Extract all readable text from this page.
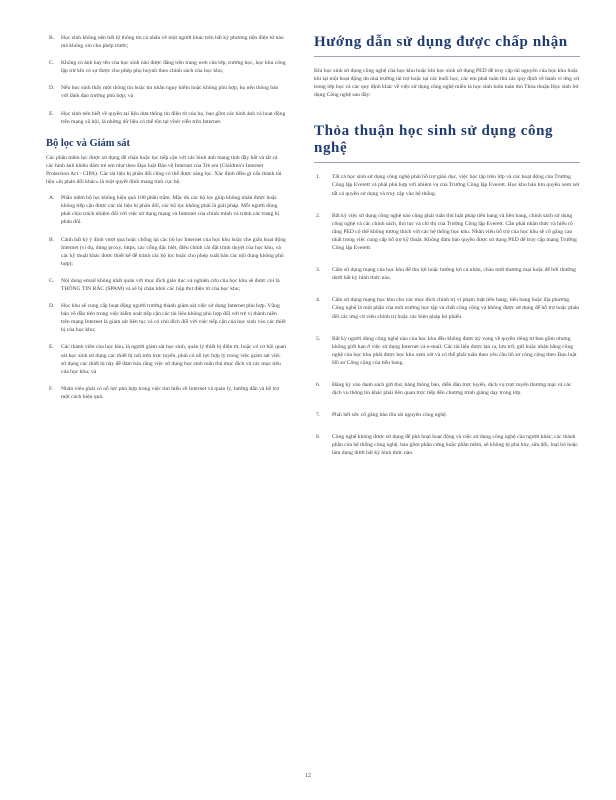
B.	Học sinh không nên tiết lộ thông tin cá nhân về một người khác trên bất kỳ phương tiện điện tử nào mà không xin cho phép trước;
C.	Không có ảnh hay tên của học sinh nào được đăng trên trang web của lớp, trường học, học khu công lập trừ khi có sự được cho phép phụ huynh theo chính sách của học khu;
D.	Nếu học sinh thấy một thông tin hoặc tin nhắn nguy hiểm hoặc không phù hợp, họ nên thông báo với lãnh đạo trường phù hợp; và
E.	Học sinh nên biết về quyền tại liệu dựa thông tin điện tử của họ, bao gồm các hình ảnh và hoạt động trên mạng xã hội, là những dữ liệu có thể tồn tại vĩnh viễn trên Internet.
Bộ lọc và Giám sát

Các phần mềm lọc được sử dụng để chặn hoặc lọc tiếp cận với các hình ảnh mang tính đầy bất và tất cả các hình ảnh khiêu dâm trẻ em như theo Đạo luật Bảo vệ Internet của Trẻ em (Children's Internet Protection Act - CIPA). Các tài liệu bị phân đối cũng có thể được sàng lọc. Xác định điều gì cấu thành tài liệu «bị phản đối khác» là một quyết định mang tính cục bộ.

A.	Phần mềm bộ lọc không hiệu quả 100 phần trăm. Mặc dù các bộ lọc giúp không nhân được hoặc không tiếp cận được các tài liệu bị phản đối, các bộ lọc không phải là giải pháp. Mỗi người dùng phải chịu trách nhiệm đối với việc sử dụng mạng và Internet của chính mình và tránh các trang bị phản đối.
B.	Cảnh bất kỳ ý định vượt qua hoặc chống lại các bộ lọc Internet của học khu hoặc che giấu hoạt động Internet (ví dụ, dùng proxy, https, các cổng đặc biệt, điều chỉnh cài đặt trình duyệt của học khu, và các kỹ thuật khác được thiết kế để tránh các bộ lọc hoặc cho phép xuất bản các nội dung không phù hợp);
C.	Nội dung email không nhất quán với mục đích giáo dục và nghiên cứu của học khu sẽ được coi là THÔNG TIN RÁC (SPAM) và sẽ bị chặn khỏi các hộp thư điện tử của học khu;
D.	Học khu sẽ cung cấp hoạt động người trưởng thành giám sát việc sử dụng Internet phù hợp. Vũng bảo về đầu tiên trong việc kiểm soát tiếp cận các tài liệu không phù hợp đối với trẻ vị thành niên trên mạng Internet là giám sát liên tục và có chủ đích đối với việc tiếp cận của học sinh vào các thiết bị của học khu;
E.	Các thành viên của học khu, là người giám sát học sinh, quản lý thiết bị điện tử, hoặc có cơ hội quan sát học sinh sử dụng các thiết bị nói trên trực tuyến, phải có nỗ lực hợp lý trong việc giám sát việc sử dụng các thiết bị này để đảm bảo rằng việc sử dụng học sinh tuân thủ mục đích và các mục tiêu của học khu; và
F.	Nhân viên phải có nỗ lực phù hợp trong việc tìm hiểu về Internet và quản lý, hướng dẫn và hỗ trợ một cách hiệu quả.
Hướng dẫn sử dụng được chấp nhận

Khi học sinh sử dụng công nghệ của học khu hoặc khi học sinh sử dụng PED để truy cập tài nguyên của học khu hoặc khi tại một hoạt động do nhà trường tài trợ hoặc tại các buổi học, các em phải tuân thủ các quy định về hành vi ứng xử trong lớp học và các quy định khác về việc sử dụng công nghệ miền là học sinh luôn tuân thủ Thỏa thuận Học sinh Sử dụng Công nghệ sau đây:

Thỏa thuận học sinh sử dụng công nghệ
1.	Tất cả học sinh sử dụng công nghệ phải hỗ trợ giáo dục, việc học tập trên lớp và các hoạt động của Trường Công lập Everett và phải phù hợp với nhiệm vụ của Trường Công lập Everett. Học khu bảo lưu quyền xem xét tất cả quyền sử dụng và truy cập vào hệ thống.
2.	Bất kỳ việc sử dụng công nghệ nào cũng phải tuân thủ luật pháp tiểu bang và liên bang, chính sách sử dụng công nghệ và các chính sách, thủ tục và chỉ thị của Trường Công lập Everett. Cần phải nhận thức và hiểu rõ rằng PED có thể không tương thích với các hệ thống học khu. Nhân viên hỗ trợ của học khu sẽ cố gắng cao nhất trong việc cung cấp hỗ trợ kỹ thuật. Không đảm bảo quyền được sử dụng PED để truy cập mạng Trường Công lập Everett.
3.	Cấm sử dụng mạng của học khu để thu lợi hoặc hưởng lợi cá nhân, chào mời thương mại hoặc để bởi thường dưới bất kỳ hình thức nào.
4.	Cấm sử dụng mạng học khu cho các mục đích chính trị vi phạm luật liên bang, tiểu bang hoặc địa phương. Công nghệ là một phần của môi trường học tập và chất công cộng và không được sử dụng để hỗ trợ hoặc phản đối các ứng cử viên chính trị hoặc các biện pháp bỏ phiếu.
5.	Bất kỳ người dùng công nghệ nào của học khu đều không được kỳ vọng về quyền riêng tư bao gồm nhưng không giới hạn ở việc sử dụng Internet và e-mail. Các tài liệu được tạo ra, lưu trữ, gửi hoặc nhận bằng công nghệ của học khu phải được học khu xem xét và có thể phải tuân theo yêu cầu hồ sơ công cộng theo Đạo luật Hồ sơ Công cộng của tiểu bang.
6.	Đăng ký vào danh sách gửi thư, bảng thông báo, diễn đàn trực tuyến, dịch vụ trực tuyến thương mại và các dịch vụ thông tin khác phải liên quan trực tiếp đến chương trình giảng dạy trong lớp.
7.	Phải hết sức cố gắng bảo tồn tài nguyên công nghệ.
8.	Công nghệ không được sử dụng để phá hoại hoạt động và việc sử dụng công nghệ của người khác; các thành phần của hệ thống công nghệ, bao gồm phần cứng hoặc phần mềm, sẽ không bị phá hủy, sửa đổi, loại bỏ hoặc làm dụng dưới bất kỳ hình thức nào.
12
